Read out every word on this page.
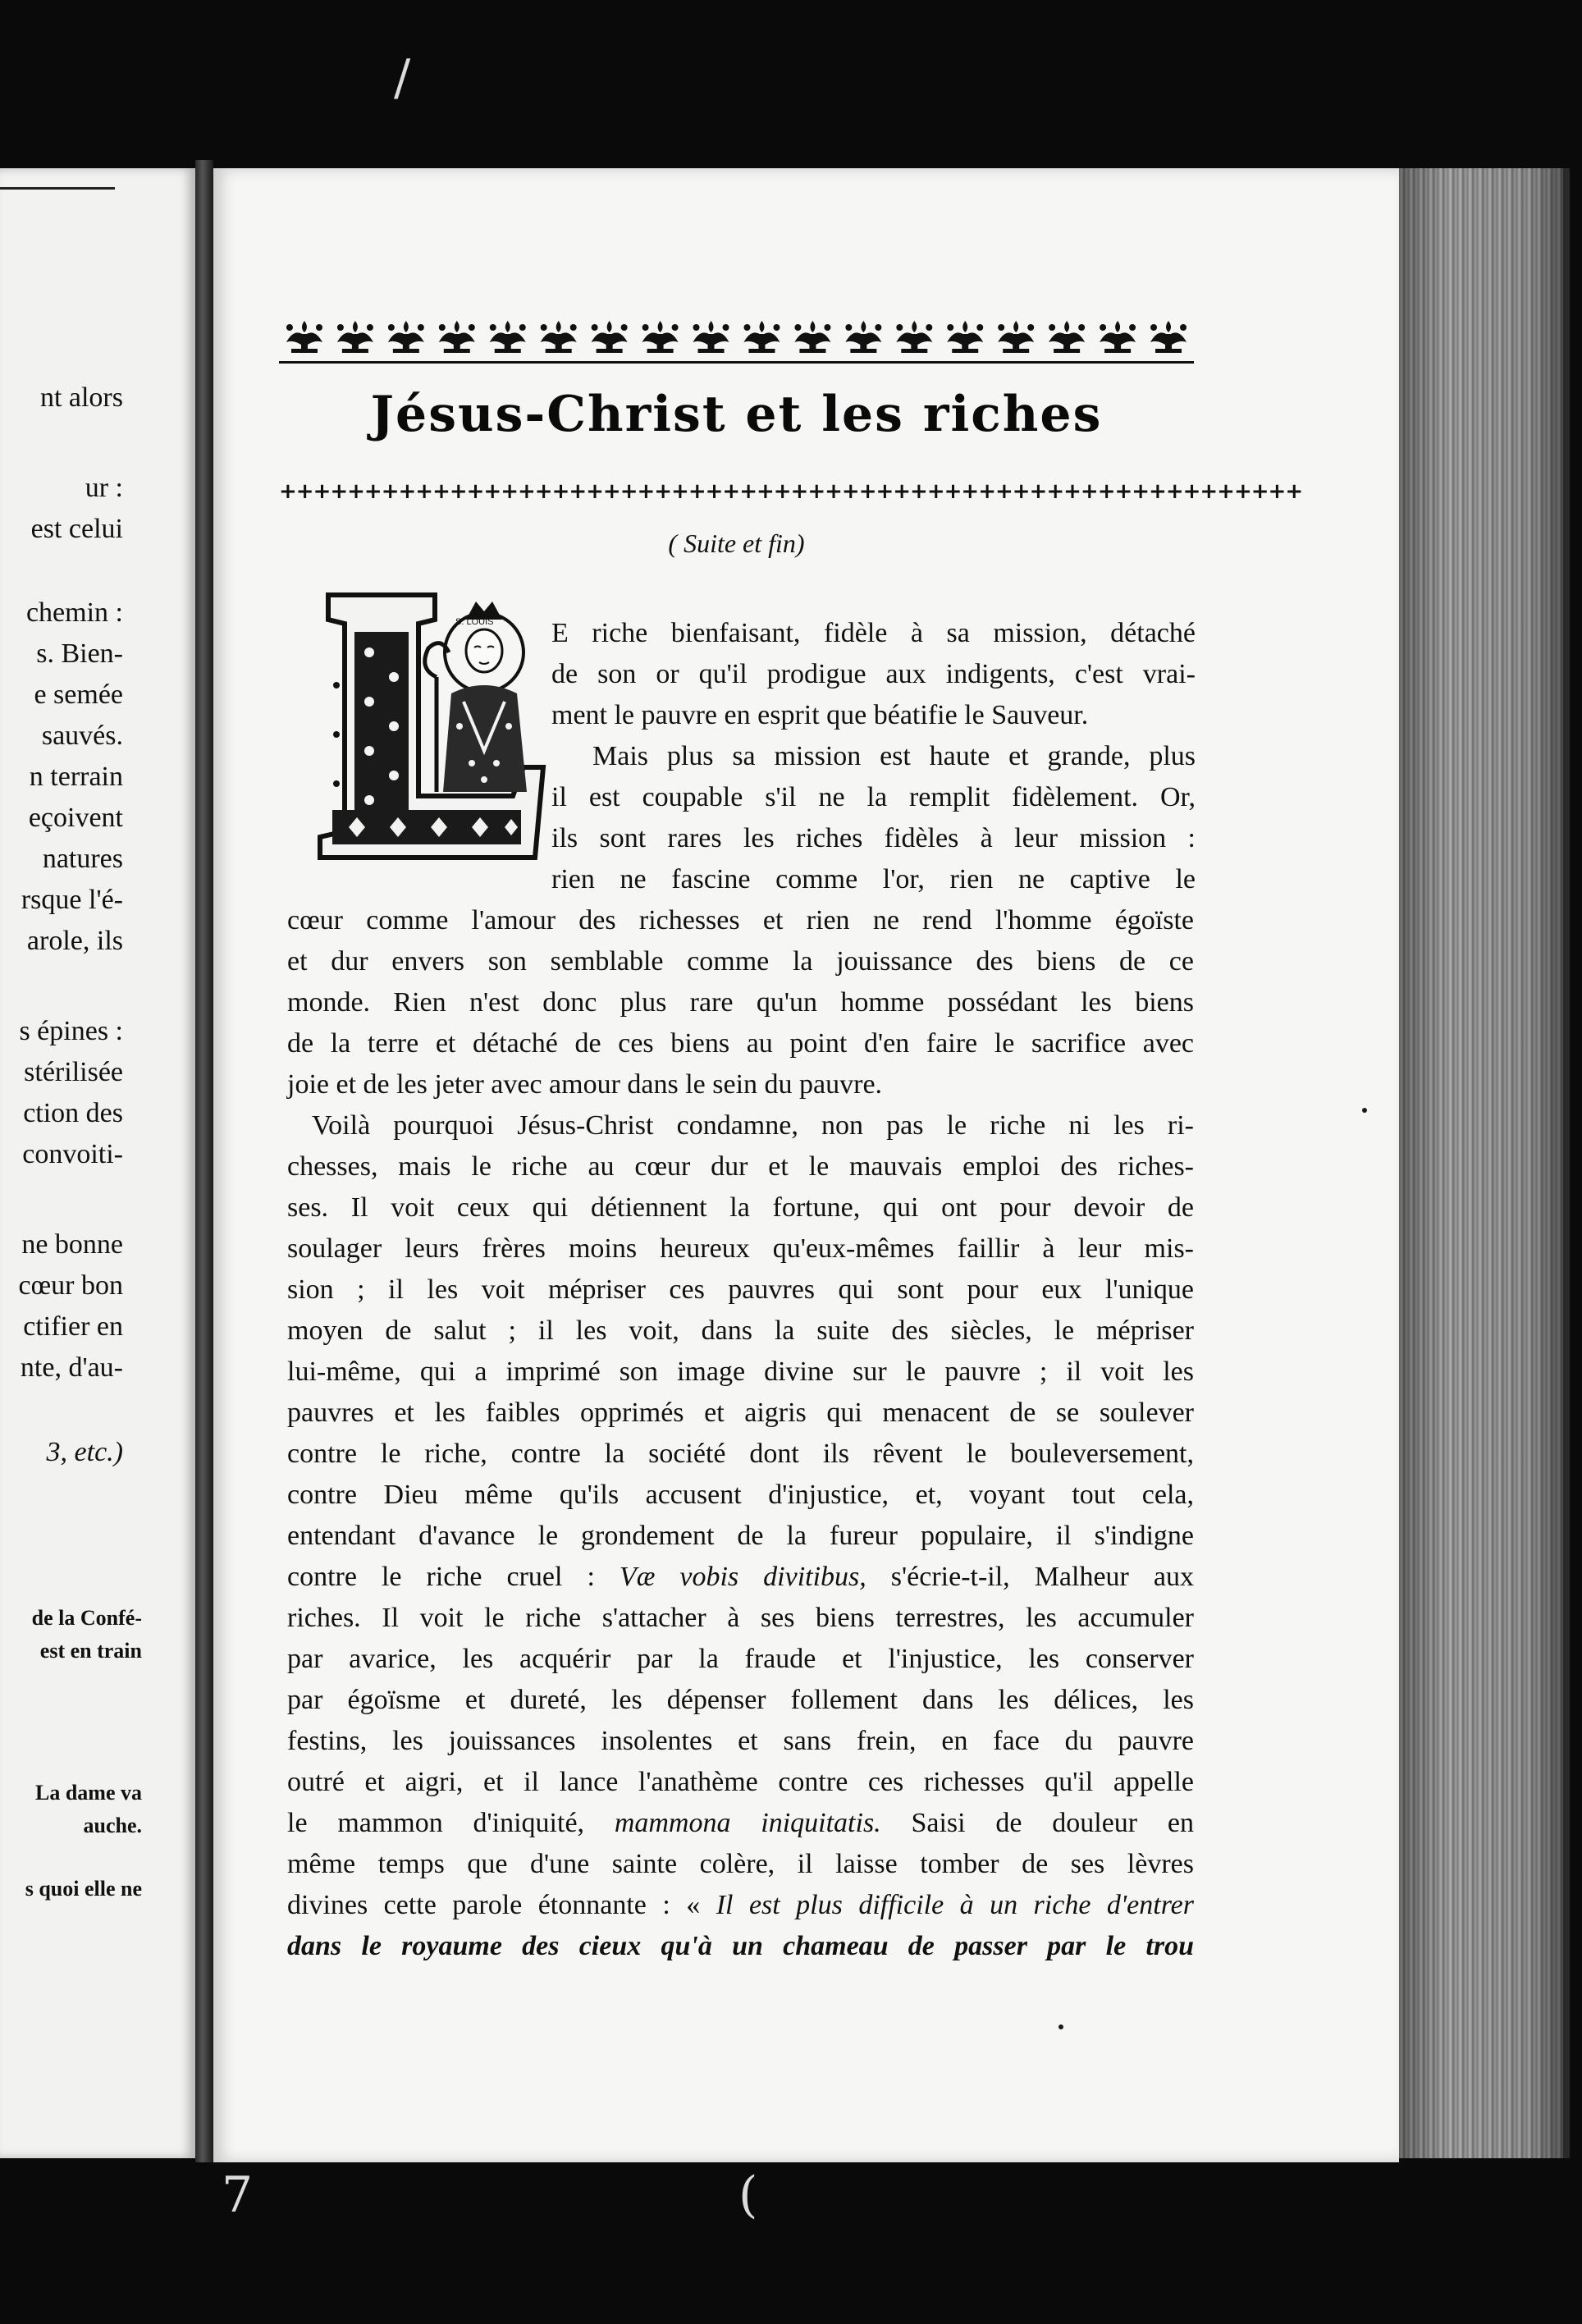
nt alors
ur :
est celui
chemin :
s. Bien-
e semée
sauvés.
n terrain
eçoivent
natures
rsque l'é-
arole, ils
s épines :
stérilisée
ction des
convoiti-
ne bonne
cœur bon
ctifier en
nte, d'au-
3, etc.)
de la Confé-
est en train
La dame va
auche.
s quoi elle ne
Jésus-Christ et les riches
++++++++++++++++++++++++++++++++++++++++++++++++++++++++++++
( Suite et fin)
S. LOUIS E riche bienfaisant, fidèle à sa mission, détaché
de son or qu'il prodigue aux indigents, c'est vrai-
ment le pauvre en esprit que béatifie le Sauveur.
Mais plus sa mission est haute et grande, plus
il est coupable s'il ne la remplit fidèlement. Or,
ils sont rares les riches fidèles à leur mission :
rien ne fascine comme l'or, rien ne captive le
cœur comme l'amour des richesses et rien ne rend l'homme égoïste
et dur envers son semblable comme la jouissance des biens de ce
monde. Rien n'est donc plus rare qu'un homme possédant les biens
de la terre et détaché de ces biens au point d'en faire le sacrifice avec
joie et de les jeter avec amour dans le sein du pauvre.
Voilà pourquoi Jésus-Christ condamne, non pas le riche ni les ri-
chesses, mais le riche au cœur dur et le mauvais emploi des riches-
ses. Il voit ceux qui détiennent la fortune, qui ont pour devoir de
soulager leurs frères moins heureux qu'eux-mêmes faillir à leur mis-
sion ; il les voit mépriser ces pauvres qui sont pour eux l'unique
moyen de salut ; il les voit, dans la suite des siècles, le mépriser
lui-même, qui a imprimé son image divine sur le pauvre ; il voit les
pauvres et les faibles opprimés et aigris qui menacent de se soulever
contre le riche, contre la société dont ils rêvent le bouleversement,
contre Dieu même qu'ils accusent d'injustice, et, voyant tout cela,
entendant d'avance le grondement de la fureur populaire, il s'indigne
contre le riche cruel : Væ vobis divitibus, s'écrie-t-il, Malheur aux
riches. Il voit le riche s'attacher à ses biens terrestres, les accumuler
par avarice, les acquérir par la fraude et l'injustice, les conserver
par égoïsme et dureté, les dépenser follement dans les délices, les
festins, les jouissances insolentes et sans frein, en face du pauvre
outré et aigri, et il lance l'anathème contre ces richesses qu'il appelle
le mammon d'iniquité, mammona iniquitatis. Saisi de douleur en
même temps que d'une sainte colère, il laisse tomber de ses lèvres
divines cette parole étonnante : « Il est plus difficile à un riche d'entrer
dans le royaume des cieux qu'à un chameau de passer par le trou
/
(
7
